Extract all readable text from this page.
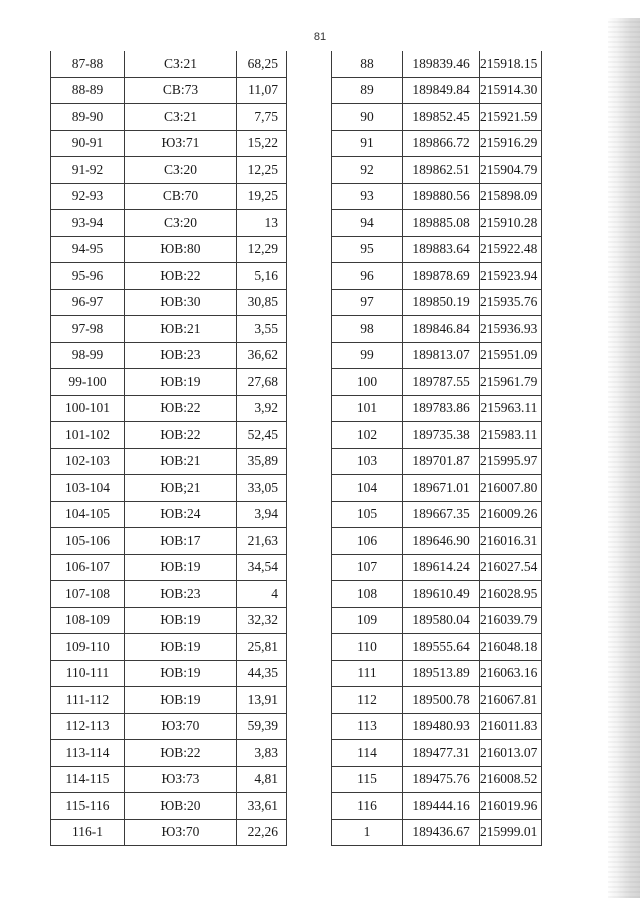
81
87-88	СЗ:21	68,25
88-89	СВ:73	11,07
89-90	СЗ:21	7,75
90-91	ЮЗ:71	15,22
91-92	СЗ:20	12,25
92-93	СВ:70	19,25
93-94	СЗ:20	13
94-95	ЮВ:80	12,29
95-96	ЮВ:22	5,16
96-97	ЮВ:30	30,85
97-98	ЮВ:21	3,55
98-99	ЮВ:23	36,62
99-100	ЮВ:19	27,68
100-101	ЮВ:22	3,92
101-102	ЮВ:22	52,45
102-103	ЮВ:21	35,89
103-104	ЮВ;21	33,05
104-105	ЮВ:24	3,94
105-106	ЮВ:17	21,63
106-107	ЮВ:19	34,54
107-108	ЮВ:23	4
108-109	ЮВ:19	32,32
109-110	ЮВ:19	25,81
110-111	ЮВ:19	44,35
111-112	ЮВ:19	13,91
112-113	ЮЗ:70	59,39
113-114	ЮВ:22	3,83
114-115	ЮЗ:73	4,81
115-116	ЮВ:20	33,61
116-1	ЮЗ:70	22,26
88	189839.46	215918.15
89	189849.84	215914.30
90	189852.45	215921.59
91	189866.72	215916.29
92	189862.51	215904.79
93	189880.56	215898.09
94	189885.08	215910.28
95	189883.64	215922.48
96	189878.69	215923.94
97	189850.19	215935.76
98	189846.84	215936.93
99	189813.07	215951.09
100	189787.55	215961.79
101	189783.86	215963.11
102	189735.38	215983.11
103	189701.87	215995.97
104	189671.01	216007.80
105	189667.35	216009.26
106	189646.90	216016.31
107	189614.24	216027.54
108	189610.49	216028.95
109	189580.04	216039.79
110	189555.64	216048.18
111	189513.89	216063.16
112	189500.78	216067.81
113	189480.93	216011.83
114	189477.31	216013.07
115	189475.76	216008.52
116	189444.16	216019.96
1	189436.67	215999.01
